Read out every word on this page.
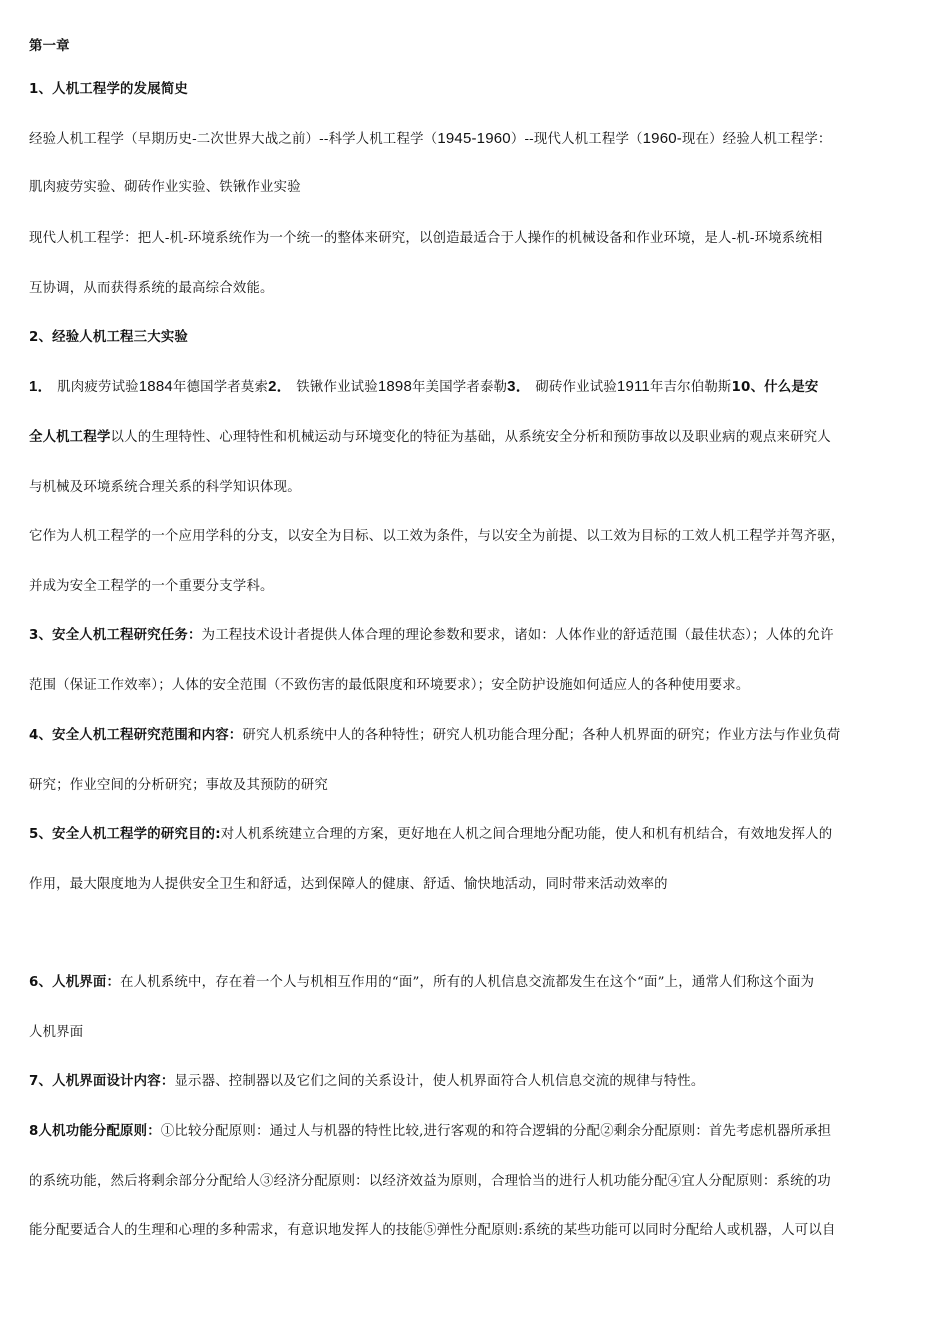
第一章
1、人机工程学的发展简史
经验人机工程学（早期历史-二次世界大战之前）--科学人机工程学（1945-1960）--现代人机工程学（1960-现在）经验人机工程学：
肌肉疲劳实验、砌砖作业实验、铁锹作业实验
现代人机工程学：把人-机-环境系统作为一个统一的整体来研究，以创造最适合于人操作的机械设备和作业环境，是人-机-环境系统相
互协调，从而获得系统的最高综合效能。
2、经验人机工程三大实验
1． 肌肉疲劳试验1884年德国学者莫索2． 铁锹作业试验1898年美国学者泰勒3． 砌砖作业试验1911年吉尔伯勒斯10、什么是安
全人机工程学以人的生理特性、心理特性和机械运动与环境变化的特征为基础，从系统安全分析和预防事故以及职业病的观点来研究人
与机械及环境系统合理关系的科学知识体现。
它作为人机工程学的一个应用学科的分支，以安全为目标、以工效为条件，与以安全为前提、以工效为目标的工效人机工程学并驾齐驱，
并成为安全工程学的一个重要分支学科。
3、安全人机工程研究任务：为工程技术设计者提供人体合理的理论参数和要求，诸如：人体作业的舒适范围（最佳状态）；人体的允许
范围（保证工作效率）；人体的安全范围（不致伤害的最低限度和环境要求）；安全防护设施如何适应人的各种使用要求。
4、安全人机工程研究范围和内容：研究人机系统中人的各种特性；研究人机功能合理分配；各种人机界面的研究；作业方法与作业负荷
研究；作业空间的分析研究；事故及其预防的研究
5、安全人机工程学的研究目的:对人机系统建立合理的方案，更好地在人机之间合理地分配功能，使人和机有机结合，有效地发挥人的
作用，最大限度地为人提供安全卫生和舒适，达到保障人的健康、舒适、愉快地活动，同时带来活动效率的
6、人机界面：在人机系统中，存在着一个人与机相互作用的“面”，所有的人机信息交流都发生在这个“面”上，通常人们称这个面为
人机界面
7、人机界面设计内容：显示器、控制器以及它们之间的关系设计，使人机界面符合人机信息交流的规律与特性。
8人机功能分配原则：①比较分配原则：通过人与机器的特性比较,进行客观的和符合逻辑的分配②剩余分配原则：首先考虑机器所承担
的系统功能，然后将剩余部分分配给人③经济分配原则：以经济效益为原则，合理恰当的进行人机功能分配④宜人分配原则：系统的功
能分配要适合人的生理和心理的多种需求，有意识地发挥人的技能⑤弹性分配原则:系统的某些功能可以同时分配给人或机器，人可以自
